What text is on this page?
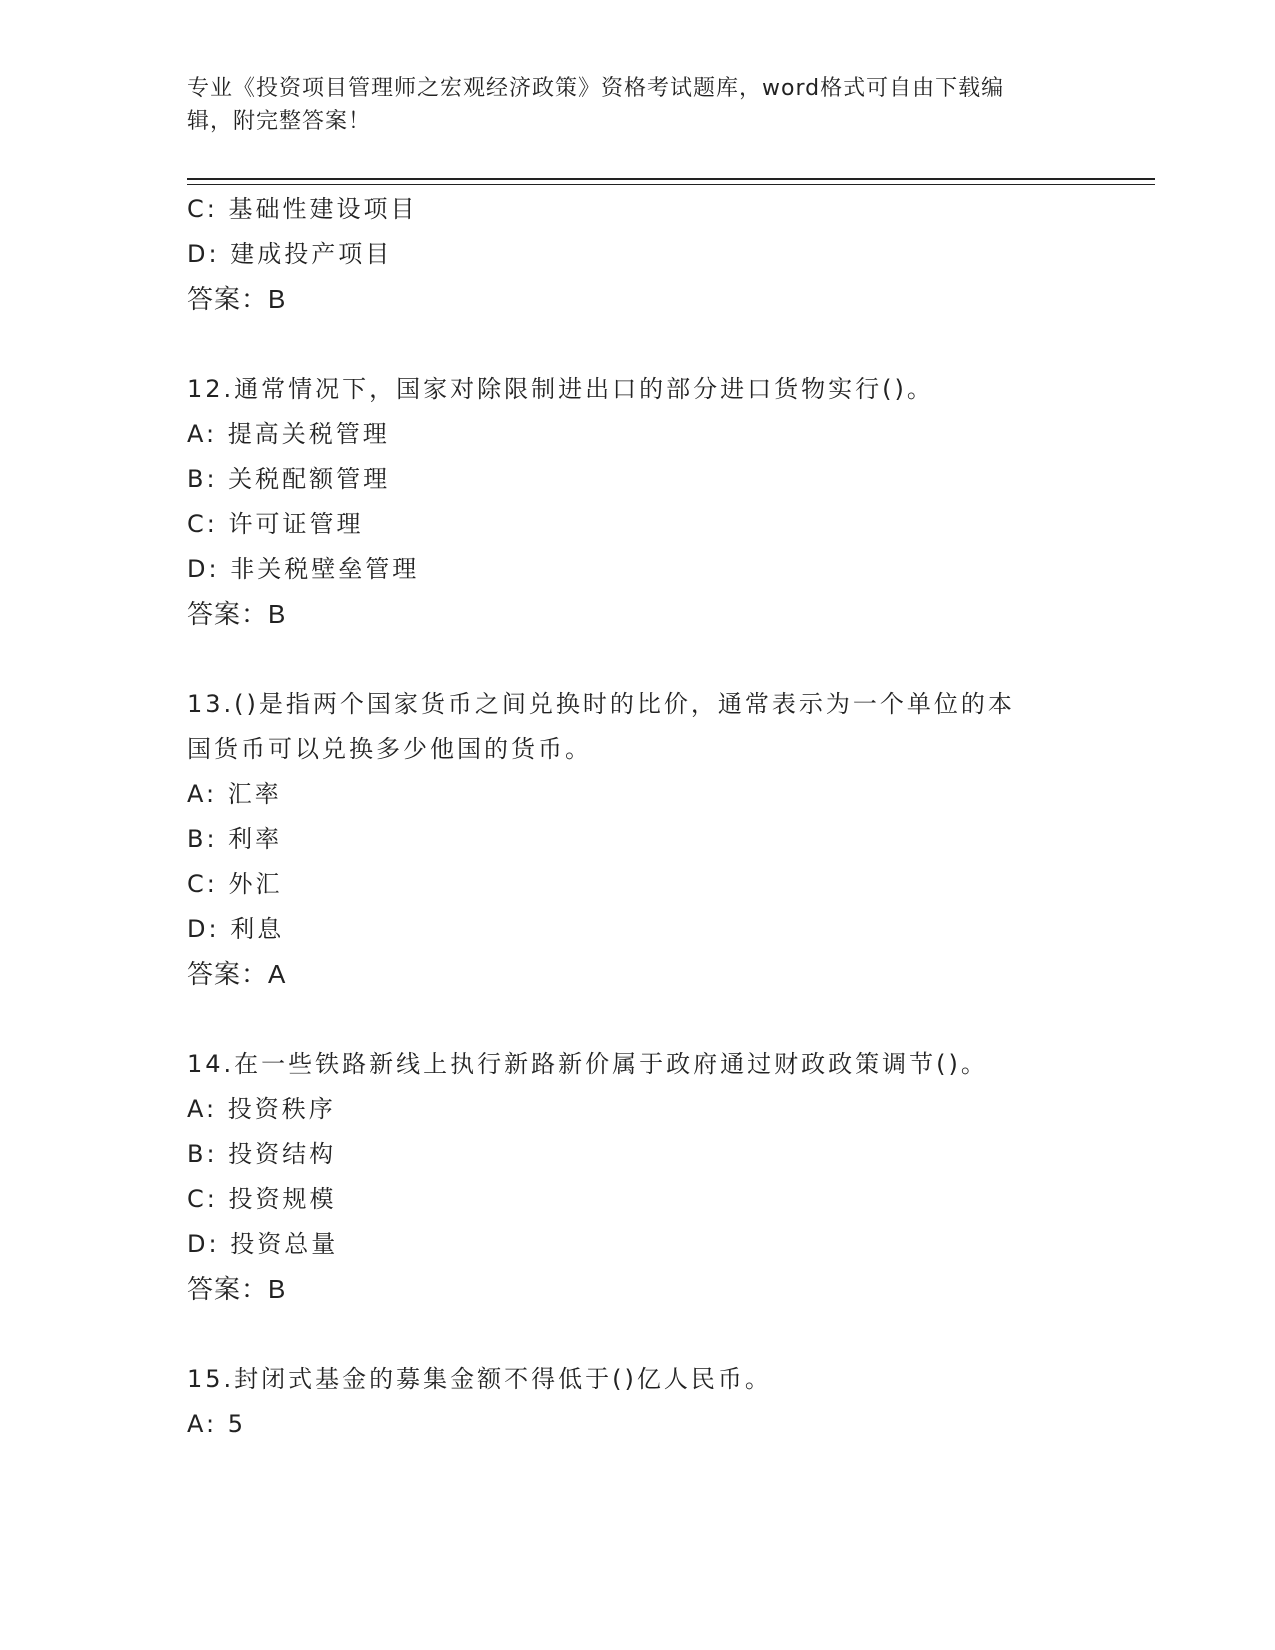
专业《投资项目管理师之宏观经济政策》资格考试题库，word格式可自由下载编
辑，附完整答案！
C: 基础性建设项目
D: 建成投产项目
答案：B
12.通常情况下，国家对除限制进出口的部分进口货物实行()。
A: 提高关税管理
B: 关税配额管理
C: 许可证管理
D: 非关税壁垒管理
答案：B
13.()是指两个国家货币之间兑换时的比价，通常表示为一个单位的本
国货币可以兑换多少他国的货币。
A: 汇率
B: 利率
C: 外汇
D: 利息
答案：A
14.在一些铁路新线上执行新路新价属于政府通过财政政策调节()。
A: 投资秩序
B: 投资结构
C: 投资规模
D: 投资总量
答案：B
15.封闭式基金的募集金额不得低于()亿人民币。
A: 5
